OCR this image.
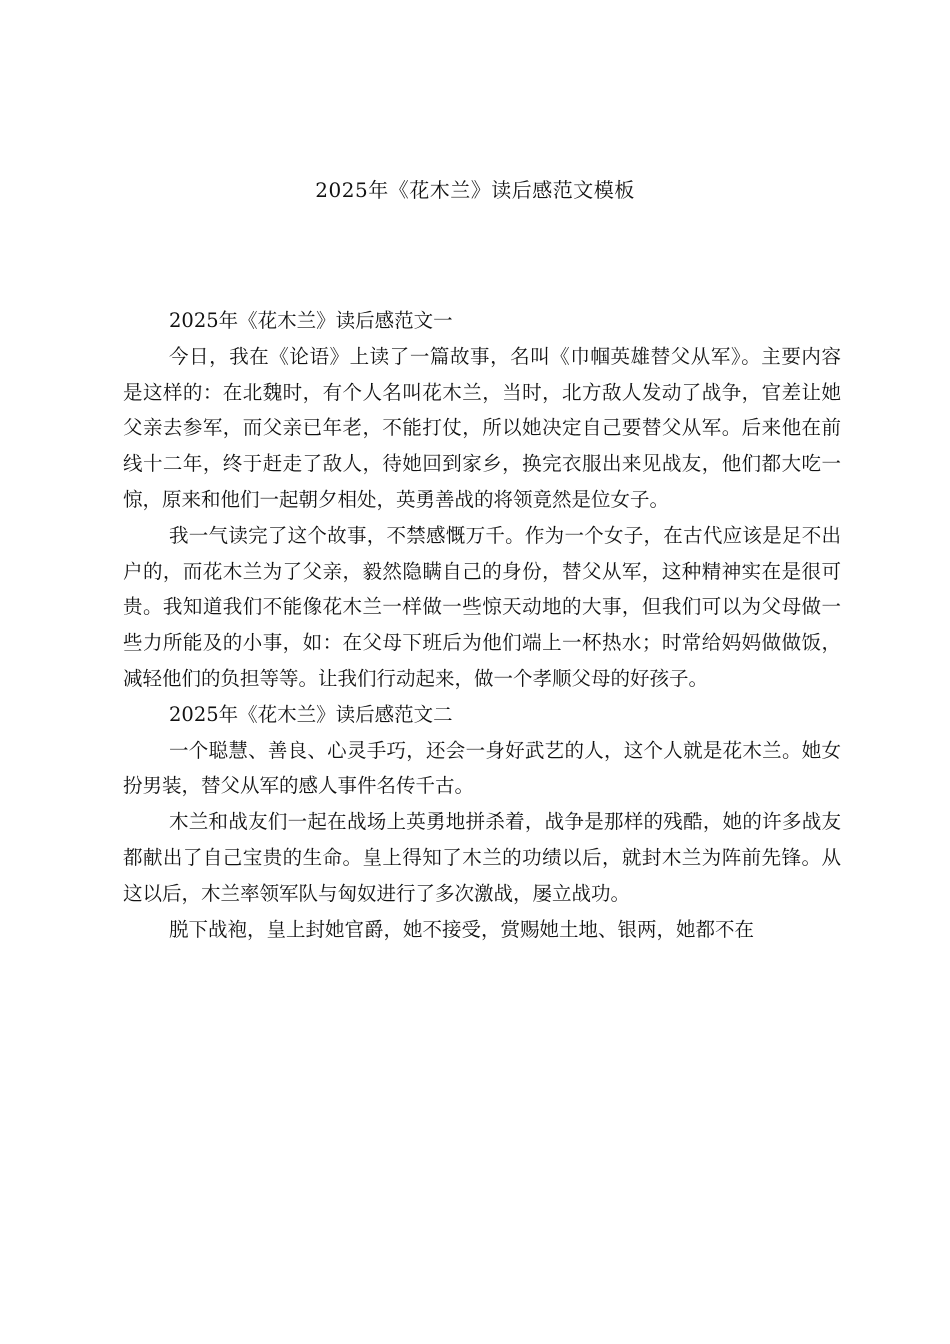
2025年《花木兰》读后感范文模板

2025年《花木兰》读后感范文一

今日，我在《论语》上读了一篇故事，名叫《巾帼英雄替父从军》。主要内容是这样的：在北魏时，有个人名叫花木兰，当时，北方敌人发动了战争，官差让她父亲去参军，而父亲已年老，不能打仗，所以她决定自己要替父从军。后来他在前线十二年，终于赶走了敌人，待她回到家乡，换完衣服出来见战友，他们都大吃一惊，原来和他们一起朝夕相处，英勇善战的将领竟然是位女子。

我一气读完了这个故事，不禁感慨万千。作为一个女子，在古代应该是足不出户的，而花木兰为了父亲，毅然隐瞒自己的身份，替父从军，这种精神实在是很可贵。我知道我们不能像花木兰一样做一些惊天动地的大事，但我们可以为父母做一些力所能及的小事，如：在父母下班后为他们端上一杯热水；时常给妈妈做做饭，减轻他们的负担等等。让我们行动起来，做一个孝顺父母的好孩子。

2025年《花木兰》读后感范文二

一个聪慧、善良、心灵手巧，还会一身好武艺的人，这个人就是花木兰。她女扮男装，替父从军的感人事件名传千古。

木兰和战友们一起在战场上英勇地拼杀着，战争是那样的残酷，她的许多战友都献出了自己宝贵的生命。皇上得知了木兰的功绩以后，就封木兰为阵前先锋。从这以后，木兰率领军队与匈奴进行了多次激战，屡立战功。

脱下战袍，皇上封她官爵，她不接受，赏赐她土地、银两，她都不在
